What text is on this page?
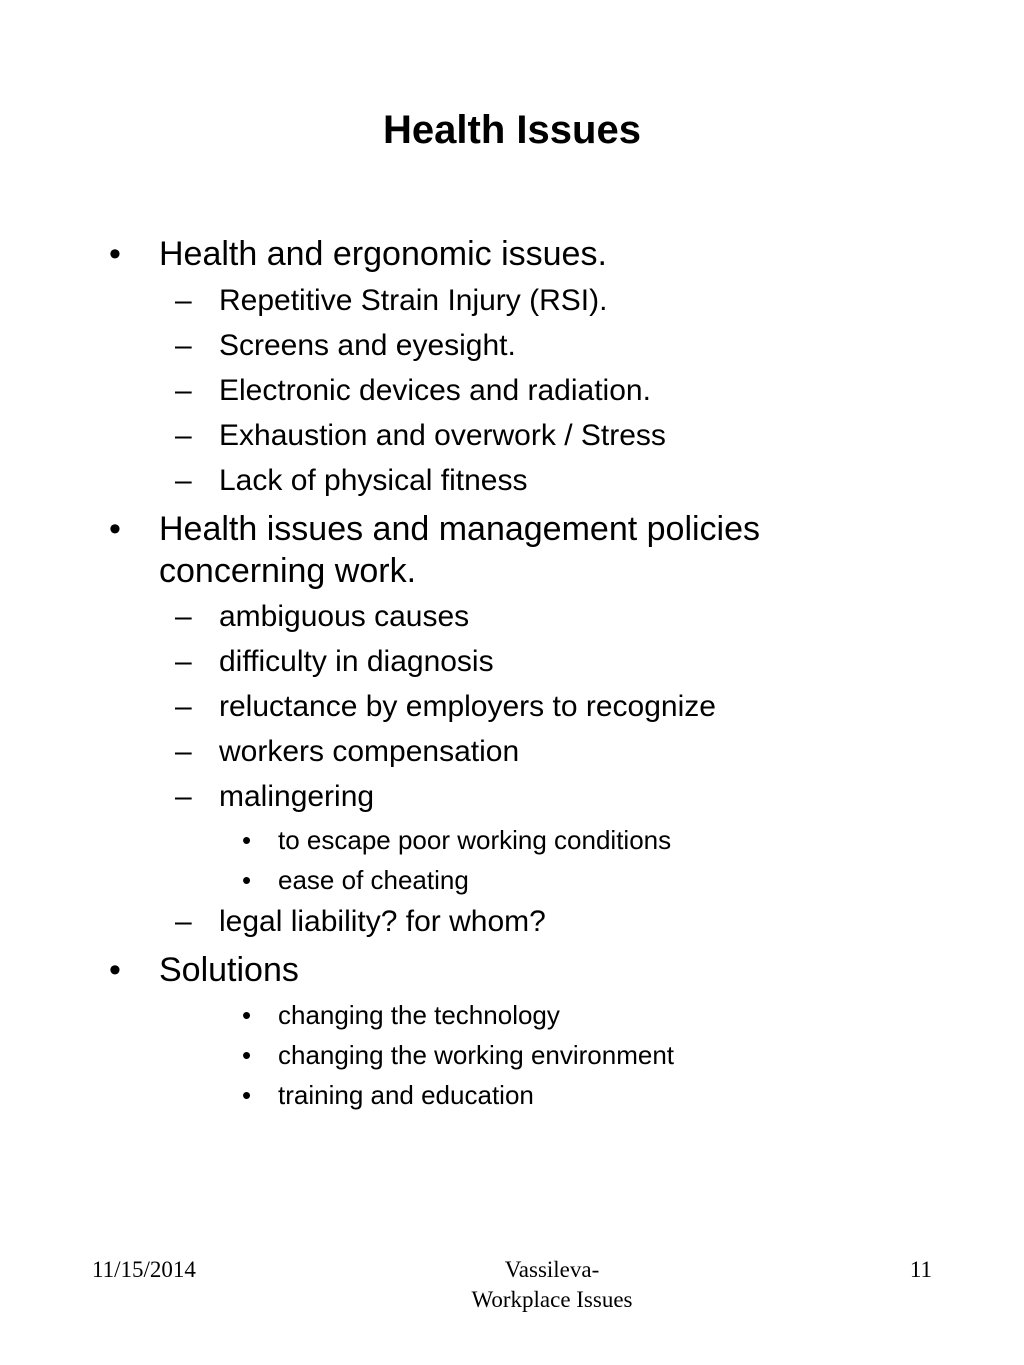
Health Issues
• Health and ergonomic issues.
– Repetitive Strain Injury (RSI).
– Screens and eyesight.
– Electronic devices and radiation.
– Exhaustion and overwork / Stress
– Lack of physical fitness
• Health issues and management policies concerning work.
– ambiguous causes
– difficulty in diagnosis
– reluctance by employers to recognize
– workers compensation
– malingering
• to escape poor working conditions
• ease of cheating
– legal liability? for whom?
• Solutions
• changing the technology
• changing the working environment
• training and education
11/15/2014	Vassileva-
Workplace Issues
11
